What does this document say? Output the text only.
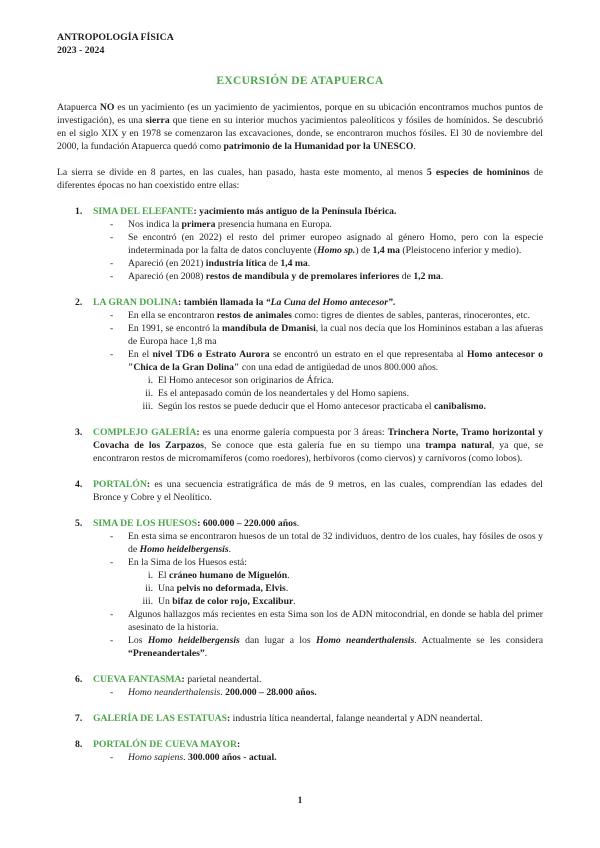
ANTROPOLOGÍA FÍSICA
2023 - 2024
EXCURSIÓN DE ATAPUERCA

Atapuerca NO es un yacimiento (es un yacimiento de yacimientos, porque en su ubicación encontramos muchos puntos de investigación), es una sierra que tiene en su interior muchos yacimientos paleolíticos y fósiles de homínidos. Se descubrió en el siglo XIX y en 1978 se comenzaron las excavaciones, donde, se encontraron muchos fósiles. El 30 de noviembre del 2000, la fundación Atapuerca quedó como patrimonio de la Humanidad por la UNESCO.

La sierra se divide en 8 partes, en las cuales, han pasado, hasta este momento, al menos 5 especies de homininos de diferentes épocas no han coexistido entre ellas:

1. SIMA DEL ELEFANTE: yacimiento más antiguo de la Península Ibérica.
- Nos indica la primera presencia humana en Europa.
- Se encontró (en 2022) el resto del primer europeo asignado al género Homo, pero con la especie indeterminada por la falta de datos concluyente (Homo sp.) de 1,4 ma (Pleistoceno inferior y medio).
- Apareció (en 2021) industria lítica de 1,4 ma.
- Apareció (en 2008) restos de mandíbula y de premolares inferiores de 1,2 ma.
2. LA GRAN DOLINA: también llamada la “La Cuna del Homo antecesor”.
- En ella se encontraron restos de animales como: tigres de dientes de sables, panteras, rinocerontes, etc.
- En 1991, se encontró la mandíbula de Dmanisi, la cual nos decía que los Homininos estaban a las afueras de Europa hace 1,8 ma
- En el nivel TD6 o Estrato Aurora se encontró un estrato en el que representaba al Homo antecesor o "Chica de la Gran Dolina" con una edad de antigüedad de unos 800.000 años.
i. El Homo antecesor son originarios de África.
ii. Es el antepasado común de los neandertales y del Homo sapiens.
iii. Según los restos se puede deducir que el Homo antecesor practicaba el canibalismo.
3. COMPLEJO GALERÍA: es una enorme galería compuesta por 3 áreas: Trinchera Norte, Tramo horizontal y Covacha de los Zarpazos, Se conoce que esta galería fue en su tiempo una trampa natural, ya que, se encontraron restos de micromamíferos (como roedores), herbívoros (como ciervos) y carnívoros (como lobos).
4. PORTALÓN: es una secuencia estratigráfica de más de 9 metros, en las cuales, comprendían las edades del Bronce y Cobre y el Neolítico.
5. SIMA DE LOS HUESOS: 600.000 – 220.000 años.
- En esta sima se encontraron huesos de un total de 32 individuos, dentro de los cuales, hay fósiles de osos y de Homo heidelbergensis.
- En la Sima de los Huesos está:
i. El cráneo humano de Miguelón.
ii. Una pelvis no deformada, Elvis.
iii. Un bifaz de color rojo, Excalibur.
- Algunos hallazgos más recientes en esta Sima son los de ADN mitocondrial, en donde se habla del primer asesinato de la historia.
- Los Homo heidelbergensis dan lugar a los Homo neanderthalensis. Actualmente se les considera “Preneandertales”.
6. CUEVA FANTASMA: parietal neandertal.
- Homo neanderthalensis. 200.000 – 28.000 años.
7. GALERÍA DE LAS ESTATUAS: industria lítica neandertal, falange neandertal y ADN neandertal.
8. PORTALÓN DE CUEVA MAYOR:
- Homo sapiens. 300.000 años - actual.
1
